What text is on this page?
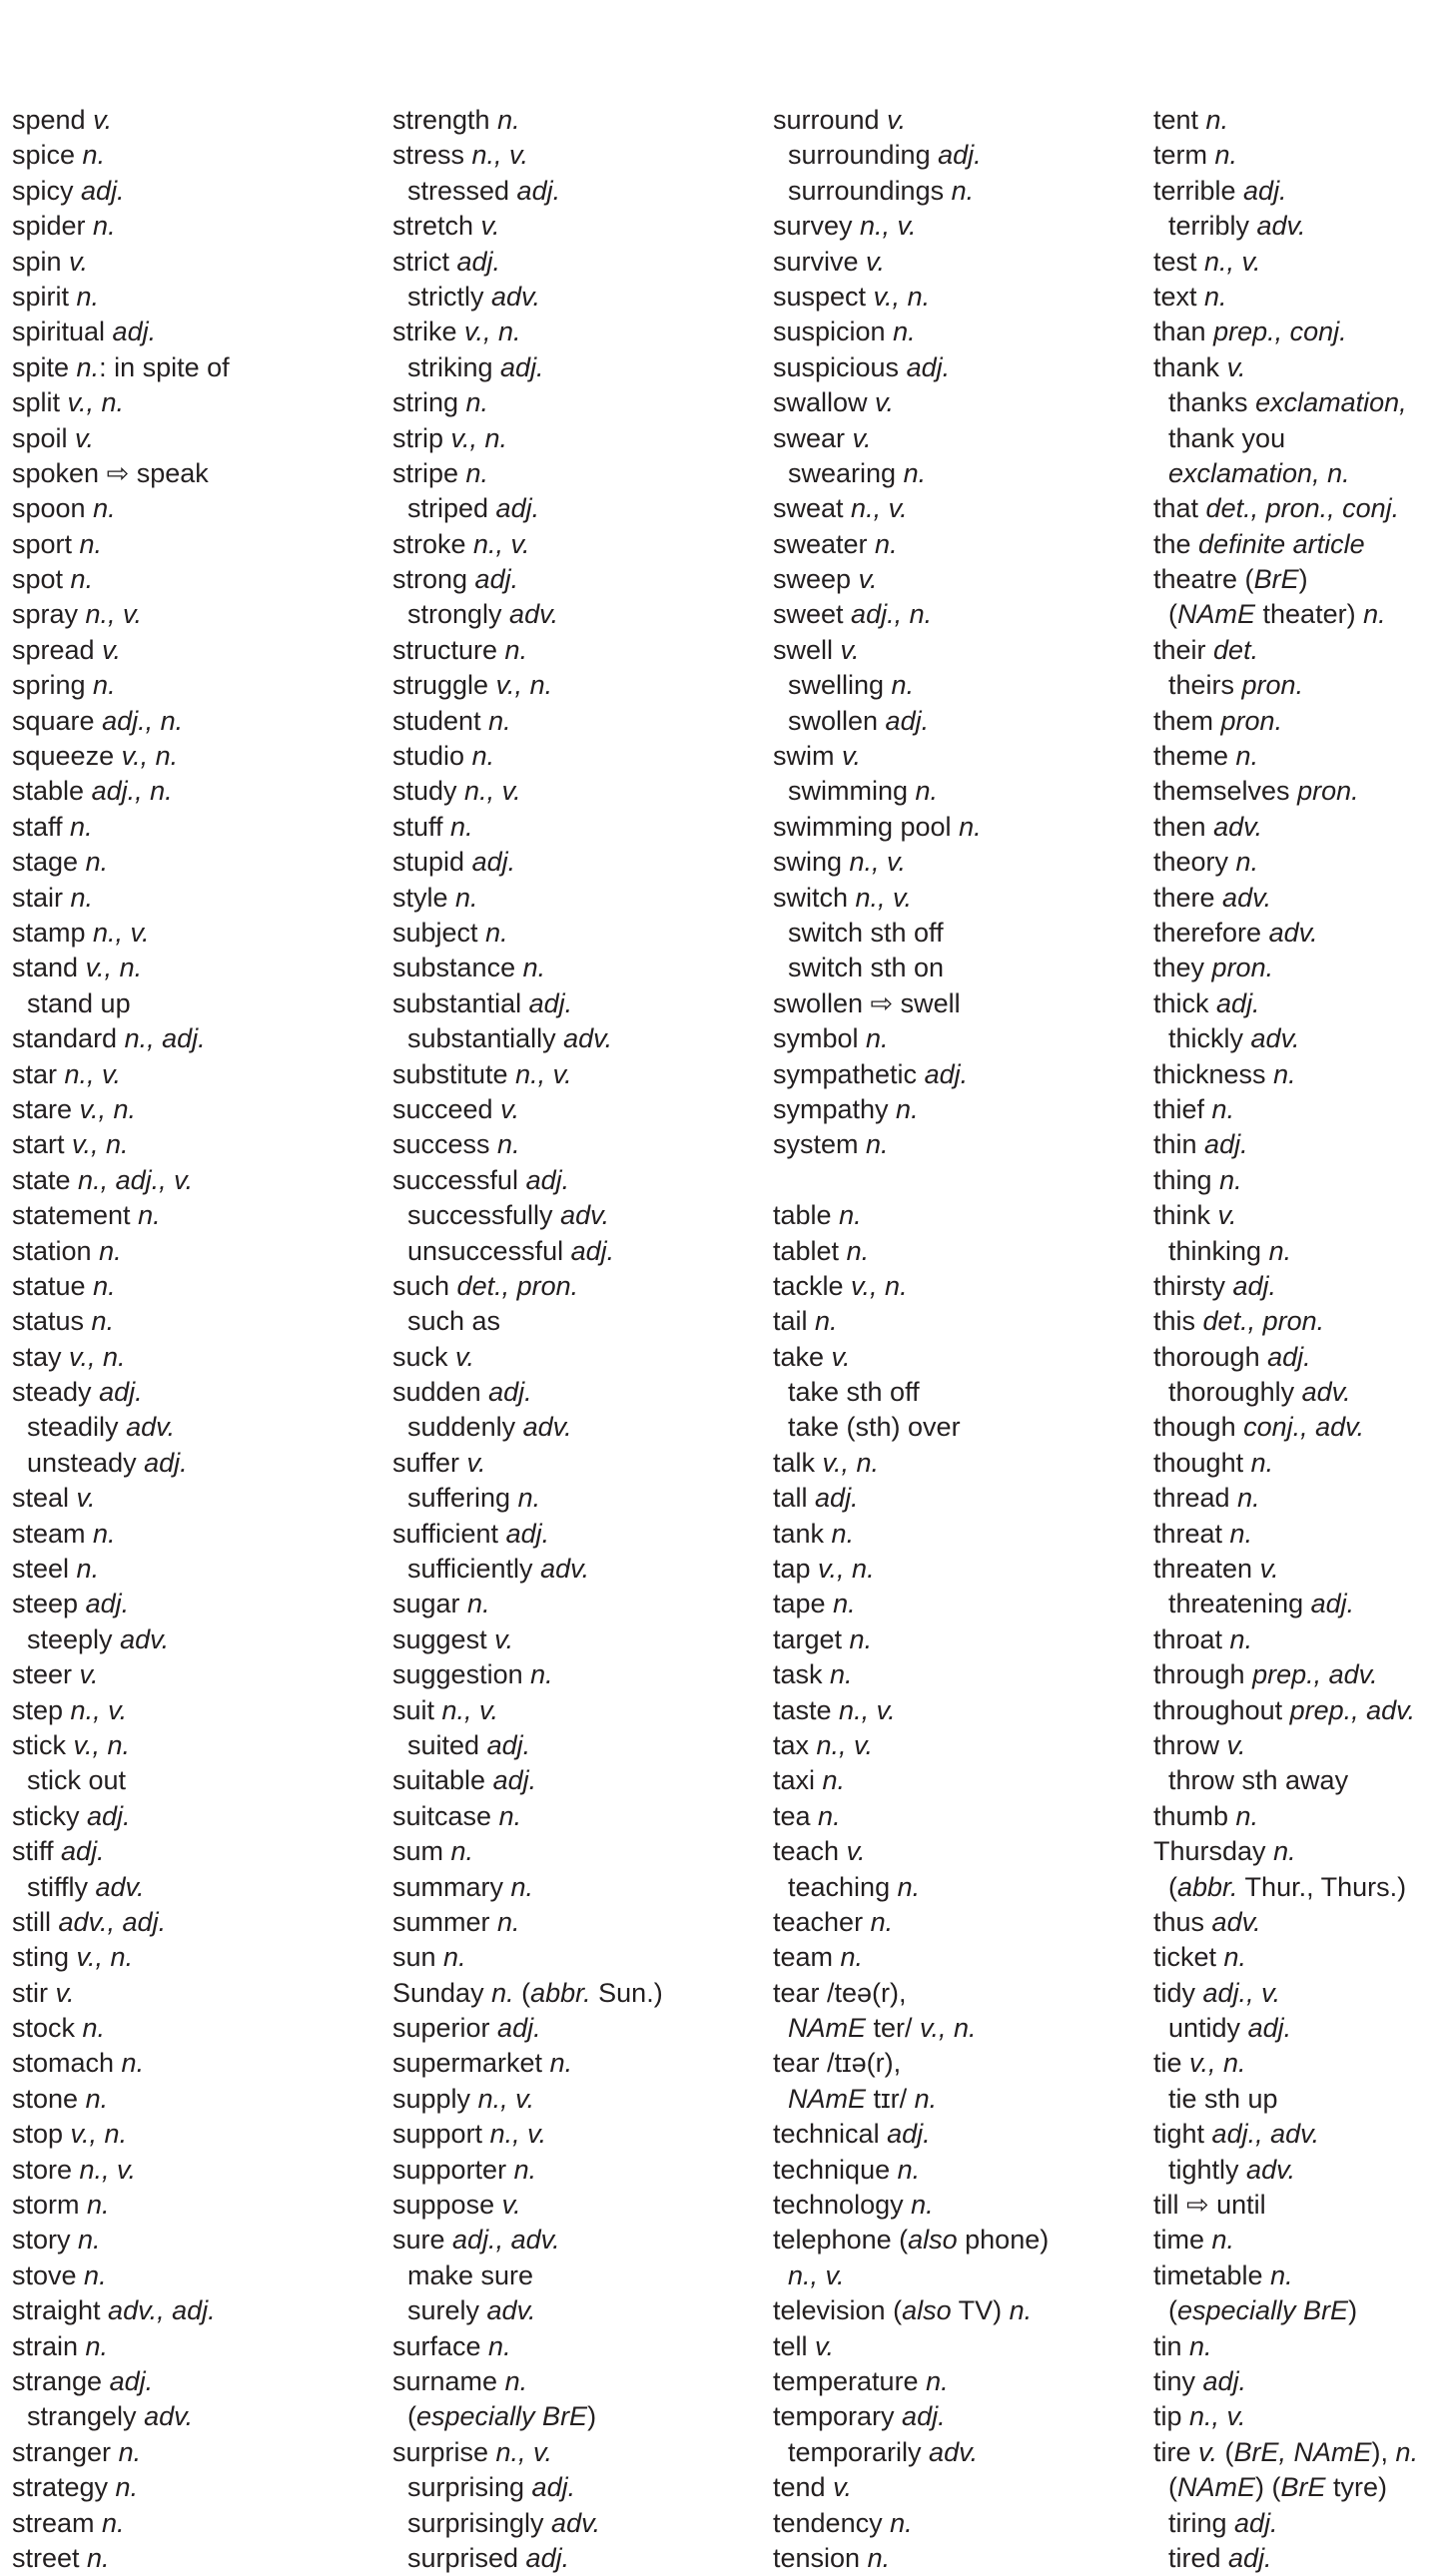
spend v.
spice n.
spicy adj.
spider n.
spin v.
spirit n.
spiritual adj.
spite n.: in spite of
split v., n.
spoil v.
spoken ⇨ speak
spoon n.
sport n.
spot n.
spray n., v.
spread v.
spring n.
square adj., n.
squeeze v., n.
stable adj., n.
staff n.
stage n.
stair n.
stamp n., v.
stand v., n.
stand up
standard n., adj.
star n., v.
stare v., n.
start v., n.
state n., adj., v.
statement n.
station n.
statue n.
status n.
stay v., n.
steady adj.
steadily adv.
unsteady adj.
steal v.
steam n.
steel n.
steep adj.
steeply adv.
steer v.
step n., v.
stick v., n.
stick out
sticky adj.
stiff adj.
stiffly adv.
still adv., adj.
sting v., n.
stir v.
stock n.
stomach n.
stone n.
stop v., n.
store n., v.
storm n.
story n.
stove n.
straight adv., adj.
strain n.
strange adj.
strangely adv.
stranger n.
strategy n.
stream n.
street n.
strength n.
stress n., v.
stressed adj.
stretch v.
strict adj.
strictly adv.
strike v., n.
striking adj.
string n.
strip v., n.
stripe n.
striped adj.
stroke n., v.
strong adj.
strongly adv.
structure n.
struggle v., n.
student n.
studio n.
study n., v.
stuff n.
stupid adj.
style n.
subject n.
substance n.
substantial adj.
substantially adv.
substitute n., v.
succeed v.
success n.
successful adj.
successfully adv.
unsuccessful adj.
such det., pron.
such as
suck v.
sudden adj.
suddenly adv.
suffer v.
suffering n.
sufficient adj.
sufficiently adv.
sugar n.
suggest v.
suggestion n.
suit n., v.
suited adj.
suitable adj.
suitcase n.
sum n.
summary n.
summer n.
sun n.
Sunday n. (abbr. Sun.)
superior adj.
supermarket n.
supply n., v.
support n., v.
supporter n.
suppose v.
sure adj., adv.
make sure
surely adv.
surface n.
surname n.
(especially BrE)
surprise n., v.
surprising adj.
surprisingly adv.
surprised adj.
surround v.
surrounding adj.
surroundings n.
survey n., v.
survive v.
suspect v., n.
suspicion n.
suspicious adj.
swallow v.
swear v.
swearing n.
sweat n., v.
sweater n.
sweep v.
sweet adj., n.
swell v.
swelling n.
swollen adj.
swim v.
swimming n.
swimming pool n.
swing n., v.
switch n., v.
switch sth off
switch sth on
swollen ⇨ swell
symbol n.
sympathetic adj.
sympathy n.
system n.
table n.
tablet n.
tackle v., n.
tail n.
take v.
take sth off
take (sth) over
talk v., n.
tall adj.
tank n.
tap v., n.
tape n.
target n.
task n.
taste n., v.
tax n., v.
taxi n.
tea n.
teach v.
teaching n.
teacher n.
team n.
tear /teə(r),
NAmE ter/ v., n.
tear /tɪə(r),
NAmE tɪr/ n.
technical adj.
technique n.
technology n.
telephone (also phone)
n., v.
television (also TV) n.
tell v.
temperature n.
temporary adj.
temporarily adv.
tend v.
tendency n.
tension n.
tent n.
term n.
terrible adj.
terribly adv.
test n., v.
text n.
than prep., conj.
thank v.
thanks exclamation,
thank you
exclamation, n.
that det., pron., conj.
the definite article
theatre (BrE)
(NAmE theater) n.
their det.
theirs pron.
them pron.
theme n.
themselves pron.
then adv.
theory n.
there adv.
therefore adv.
they pron.
thick adj.
thickly adv.
thickness n.
thief n.
thin adj.
thing n.
think v.
thinking n.
thirsty adj.
this det., pron.
thorough adj.
thoroughly adv.
though conj., adv.
thought n.
thread n.
threat n.
threaten v.
threatening adj.
throat n.
through prep., adv.
throughout prep., adv.
throw v.
throw sth away
thumb n.
Thursday n.
(abbr. Thur., Thurs.)
thus adv.
ticket n.
tidy adj., v.
untidy adj.
tie v., n.
tie sth up
tight adj., adv.
tightly adv.
till ⇨ until
time n.
timetable n.
(especially BrE)
tin n.
tiny adj.
tip n., v.
tire v. (BrE, NAmE), n.
(NAmE) (BrE tyre)
tiring adj.
tired adj.
